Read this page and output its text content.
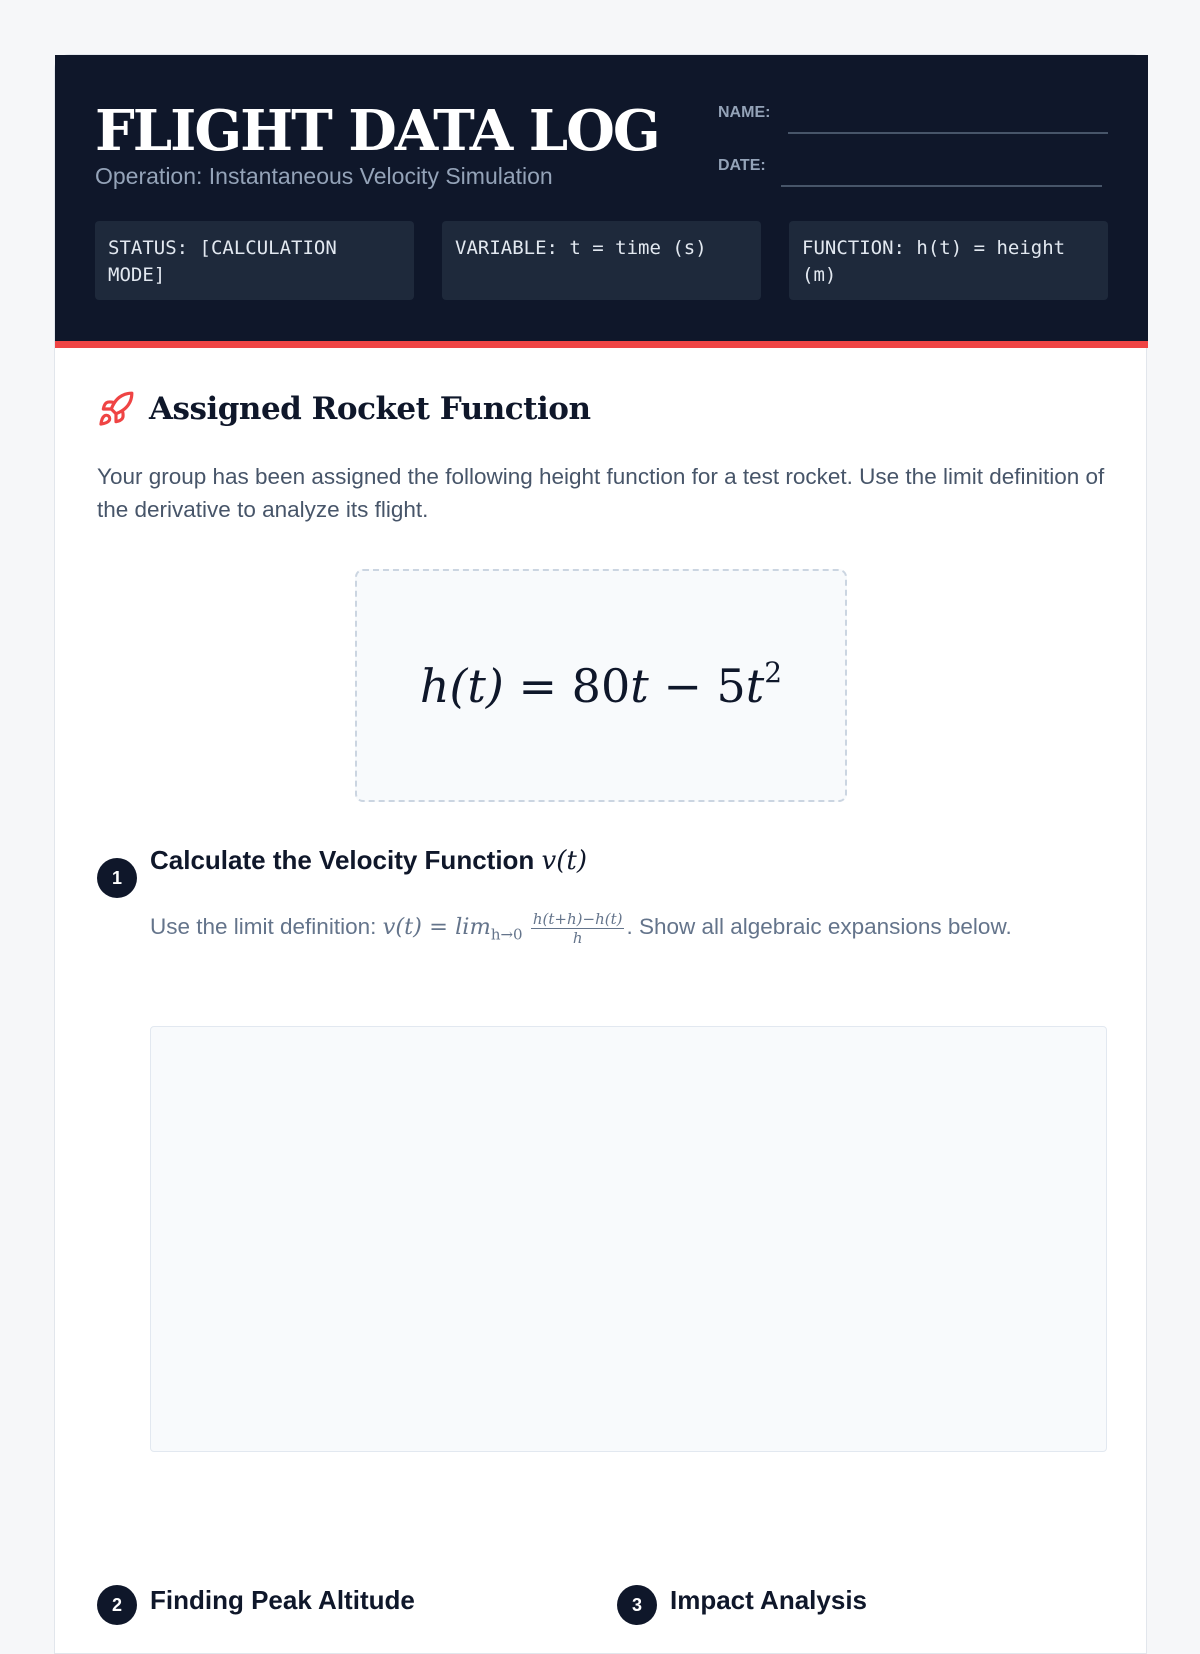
FLIGHT DATA LOG
Operation: Instantaneous Velocity Simulation
NAME:
DATE:
STATUS: [CALCULATION MODE]
VARIABLE: t = time (s)	FUNCTION: h(t) = height (m)
Assigned Rocket Function
Your group has been assigned the following height function for a test rocket. Use the limit definition of the derivative to analyze its flight.
$h(t) = 80t - 5t^2$
1
Calculate the Velocity Function v(t)
Use the limit definition: $v(t) = \lim_{h\to 0} \frac{h(t+h)-h(t)}{h}$ . Show all algebraic expansions below.
2	Finding Peak Altitude	3	Impact Analysis
